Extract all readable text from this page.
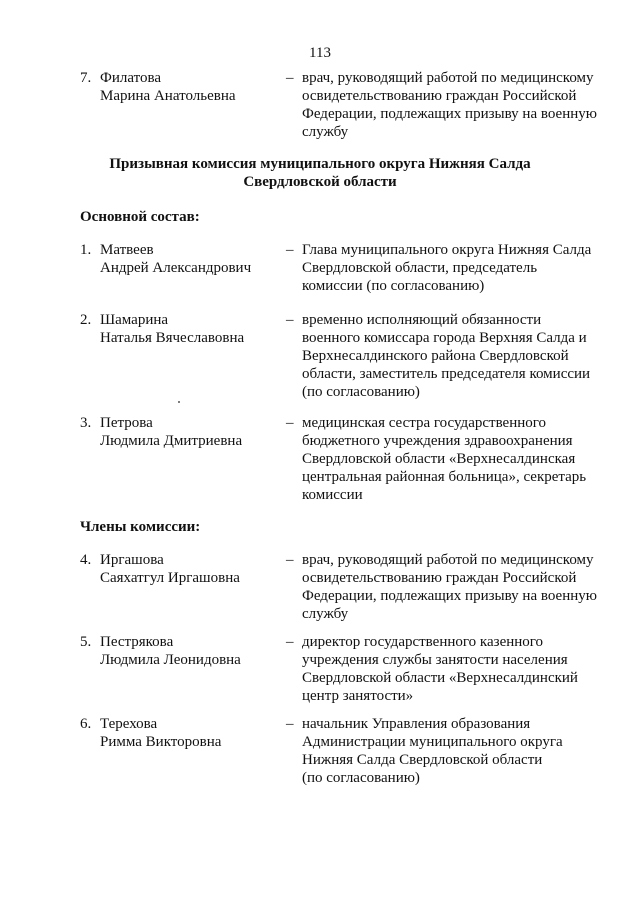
113
7. Филатова
Марина Анатольевна
– врач, руководящий работой по медицинскому
освидетельствованию граждан Российской
Федерации, подлежащих призыву на военную
службу
Призывная комиссия муниципального округа Нижняя Салда
Свердловской области
Основной состав:
1. Матвеев
Андрей Александрович
– Глава муниципального округа Нижняя Салда
Свердловской области, председатель
комиссии (по согласованию)
2. Шамарина
Наталья Вячеславовна
– временно исполняющий обязанности
военного комиссара города Верхняя Салда и
Верхнесалдинского района Свердловской
области, заместитель председателя комиссии
(по согласованию)
3. Петрова
Людмила Дмитриевна
– медицинская сестра государственного
бюджетного учреждения здравоохранения
Свердловской области «Верхнесалдинская
центральная районная больница», секретарь
комиссии
Члены комиссии:
4. Иргашова
Саяхатгул Иргашовна
– врач, руководящий работой по медицинскому
освидетельствованию граждан Российской
Федерации, подлежащих призыву на военную
службу
5. Пестрякова
Людмила Леонидовна
– директор государственного казенного
учреждения службы занятости населения
Свердловской области «Верхнесалдинский
центр занятости»
6. Терехова
Римма Викторовна
– начальник Управления образования
Администрации муниципального округа
Нижняя Салда Свердловской области
(по согласованию)
